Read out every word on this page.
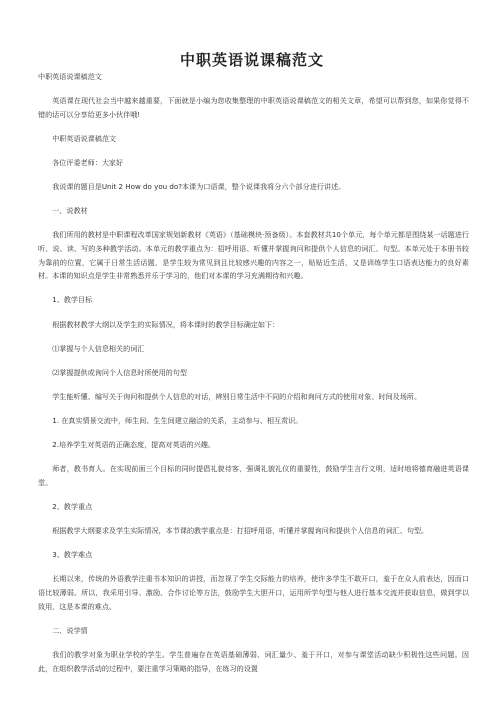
中职英语说课稿范文

中职英语说课稿范文

英语课在现代社会当中越来越重要，下面就是小编为您收集整理的中职英语说课稿范文的相关文章，希望可以帮到您，如果你觉得不错的话可以分享给更多小伙伴哦!

中职英语说课稿范文

各位评委老师：大家好

我说课的题目是Unit 2 How do you do?本课为口语课，整个说课我将分六个部分进行讲述。

一、说教材

我们所用的教材是中职课程改革国家规划新教材《英语》（基础模块·预备级）。本套教材共10个单元，每个单元都是围绕某一话题进行听、说、读、写的多种教学活动。本单元的教学重点为：招呼用语、听懂并掌握询问和提供个人信息的词汇、句型。本单元处于本册书较为靠前的位置，它属于日常生活话题，是学生较为常见到且比较感兴趣的内容之一，贴贴近生活，又是训练学生口语表达能力的良好素材。本课的知识点是学生非常熟悉并乐于学习的，他们对本课的学习充满期待和兴趣。

1、教学目标

根据教材教学大纲以及学生的实际情况，将本课时的教学目标确定如下：

⑴掌握与个人信息相关的词汇

⑵掌握提供或询问个人信息时所使用的句型

学生能听懂、编写关于询问和提供个人信息的对话，辨别日常生活中不同的介绍和询问方式的使用对象、时间及场所。

1. 在真实情景交流中，师生间、生生间建立融洽的关系，主动参与、相互赏识。

2.培养学生对英语的正确态度，提高对英语的兴趣。

师者，教书育人。在实现前面三个目标的同时提倡礼貌待客，强调礼貌礼仪的重要性，鼓励学生言行文明，适时地将德育融进英语课堂。

2、教学重点

根据教学大纲要求及学生实际情况，本节课的教学重点是：打招呼用语，听懂并掌握询问和提供个人信息的词汇、句型。

3、教学难点

长期以来，传统的外语教学注重书本知识的讲授，而忽视了学生交际能力的培养，使许多学生不敢开口，羞于在众人前表达，因而口语比较薄弱。所以，我采用引导、激励、合作讨论等方法，鼓励学生大胆开口，运用所学句型与他人进行基本交流并获取信息，做到学以致用，这是本课的难点。

二、说学情

我们的教学对象为职业学校的学生。学生普遍存在英语基础薄弱、词汇量少、羞于开口，对参与课堂活动缺少积极性这些问题。因此，在组织教学活动的过程中，要注重学习策略的指导，在练习的设置
